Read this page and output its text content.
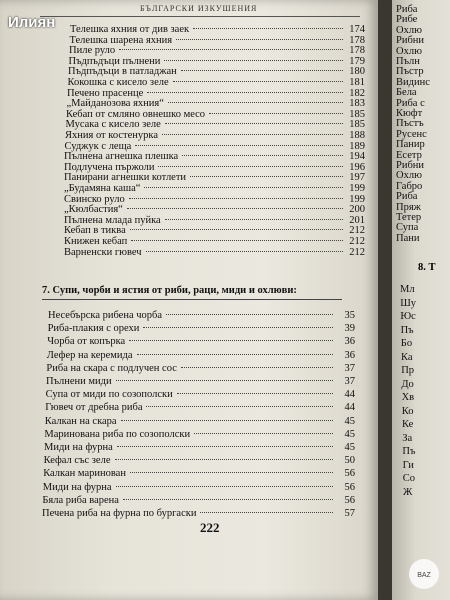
БЪЛГАРСКИ ИЗКУШЕНИЯ
Телешка яхния от див заек	174
Телешка шарена яхния	178
Пиле руло	178
Пъдпъдъци пълнени	179
Пъдпъдъци в патладжан	180
Кокошка с кисело зеле	181
Печено прасенце	182
„Майданозова яхния“	183
Кебап от смляно овнешко месо	185
Мусака с кисело зеле	185
Яхния от костенурка	188
Суджук с леща	189
Пълнена агнешка плешка	194
Подлучена пържоли	196
Панирани агнешки котлети	197
„Будамяна каша“	199
Свинско руло	199
„Кюлбастия“	200
Пълнена млада пуйка	201
Кебап в тиква	212
Книжен кебап	212
Варненски гювеч	212
7. Супи, чорби и ястия от риби, раци, миди и охлюви:
Несебърска рибена чорба	35
Риба-плакия с орехи	39
Чорба от копърка	36
Лефер на керемида	36
Риба на скара с подлучен сос	37
Пълнени миди	37
Супа от миди по созополски	44
Гювеч от дребна риба	44
Калкан на скара	45
Маринована риба по созополски	45
Миди на фурна	45
Кефал със зеле	50
Калкан маринован	56
Миди на фурна	56
Бяла риба варена	56
Печена риба на фурна по бургаски	57
222
8. Т
Риба
Рибе
Охлю
Рибни
Охлю
Пълн
Пъстр
Видинс
Бела
Риба с
Кюфт
Пъстъ
Русенс
Панир
Есетр
Рибни
Охлю
Габро
Риба
Пряж
Тетер
Супа
Пани
Мл
Шу
Юс
Пъ
Бо
Ка
Пр
До
Хв
Ко
Ке
За
Пъ
Ги
Со
Ж
Илиян
BAZ
